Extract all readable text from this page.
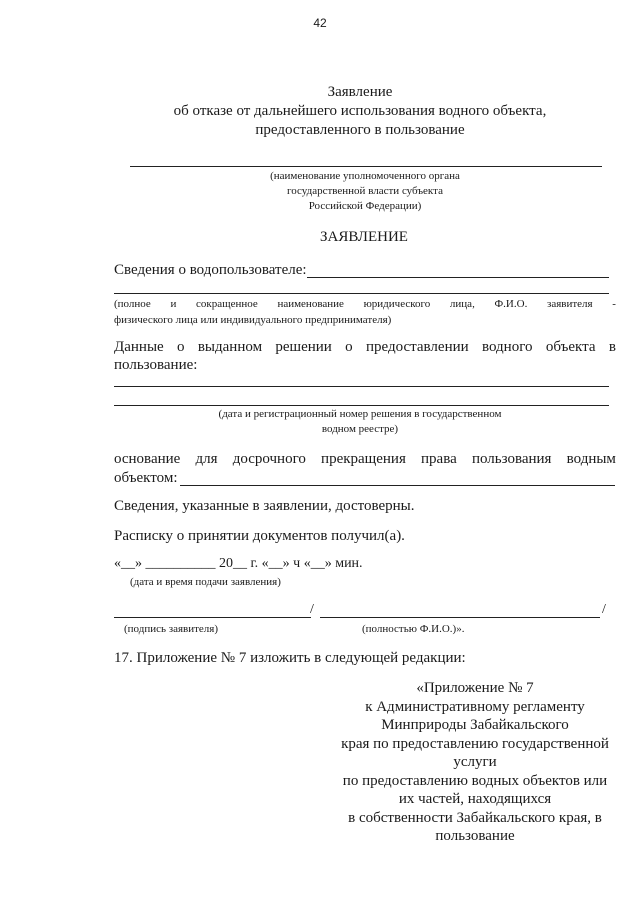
42
Заявление
об отказе от дальнейшего использования водного объекта,
предоставленного в пользование
(наименование уполномоченного органа
государственной власти субъекта
Российской Федерации)
ЗАЯВЛЕНИЕ
Сведения о водопользователе:
(полное и сокращенное наименование юридического лица, Ф.И.О. заявителя -
физического лица или индивидуального предпринимателя)
Данные о выданном решении о предоставлении водного объекта в
пользование:
(дата и регистрационный номер решения в государственном
водном реестре)
основание для досрочного прекращения права пользования водным
объектом:
Сведения, указанные в заявлении, достоверны.
Расписку о принятии документов получил(а).
«__» __________ 20__ г. «__» ч «__» мин.
(дата и время подачи заявления)
/	/
(подпись заявителя)	(полностью Ф.И.О.)».
17. Приложение № 7 изложить в следующей редакции:
«Приложение № 7
к Административному регламенту
Минприроды Забайкальского
края по предоставлению государственной
услуги
по предоставлению водных объектов или
их частей, находящихся
в собственности Забайкальского края, в
пользование
